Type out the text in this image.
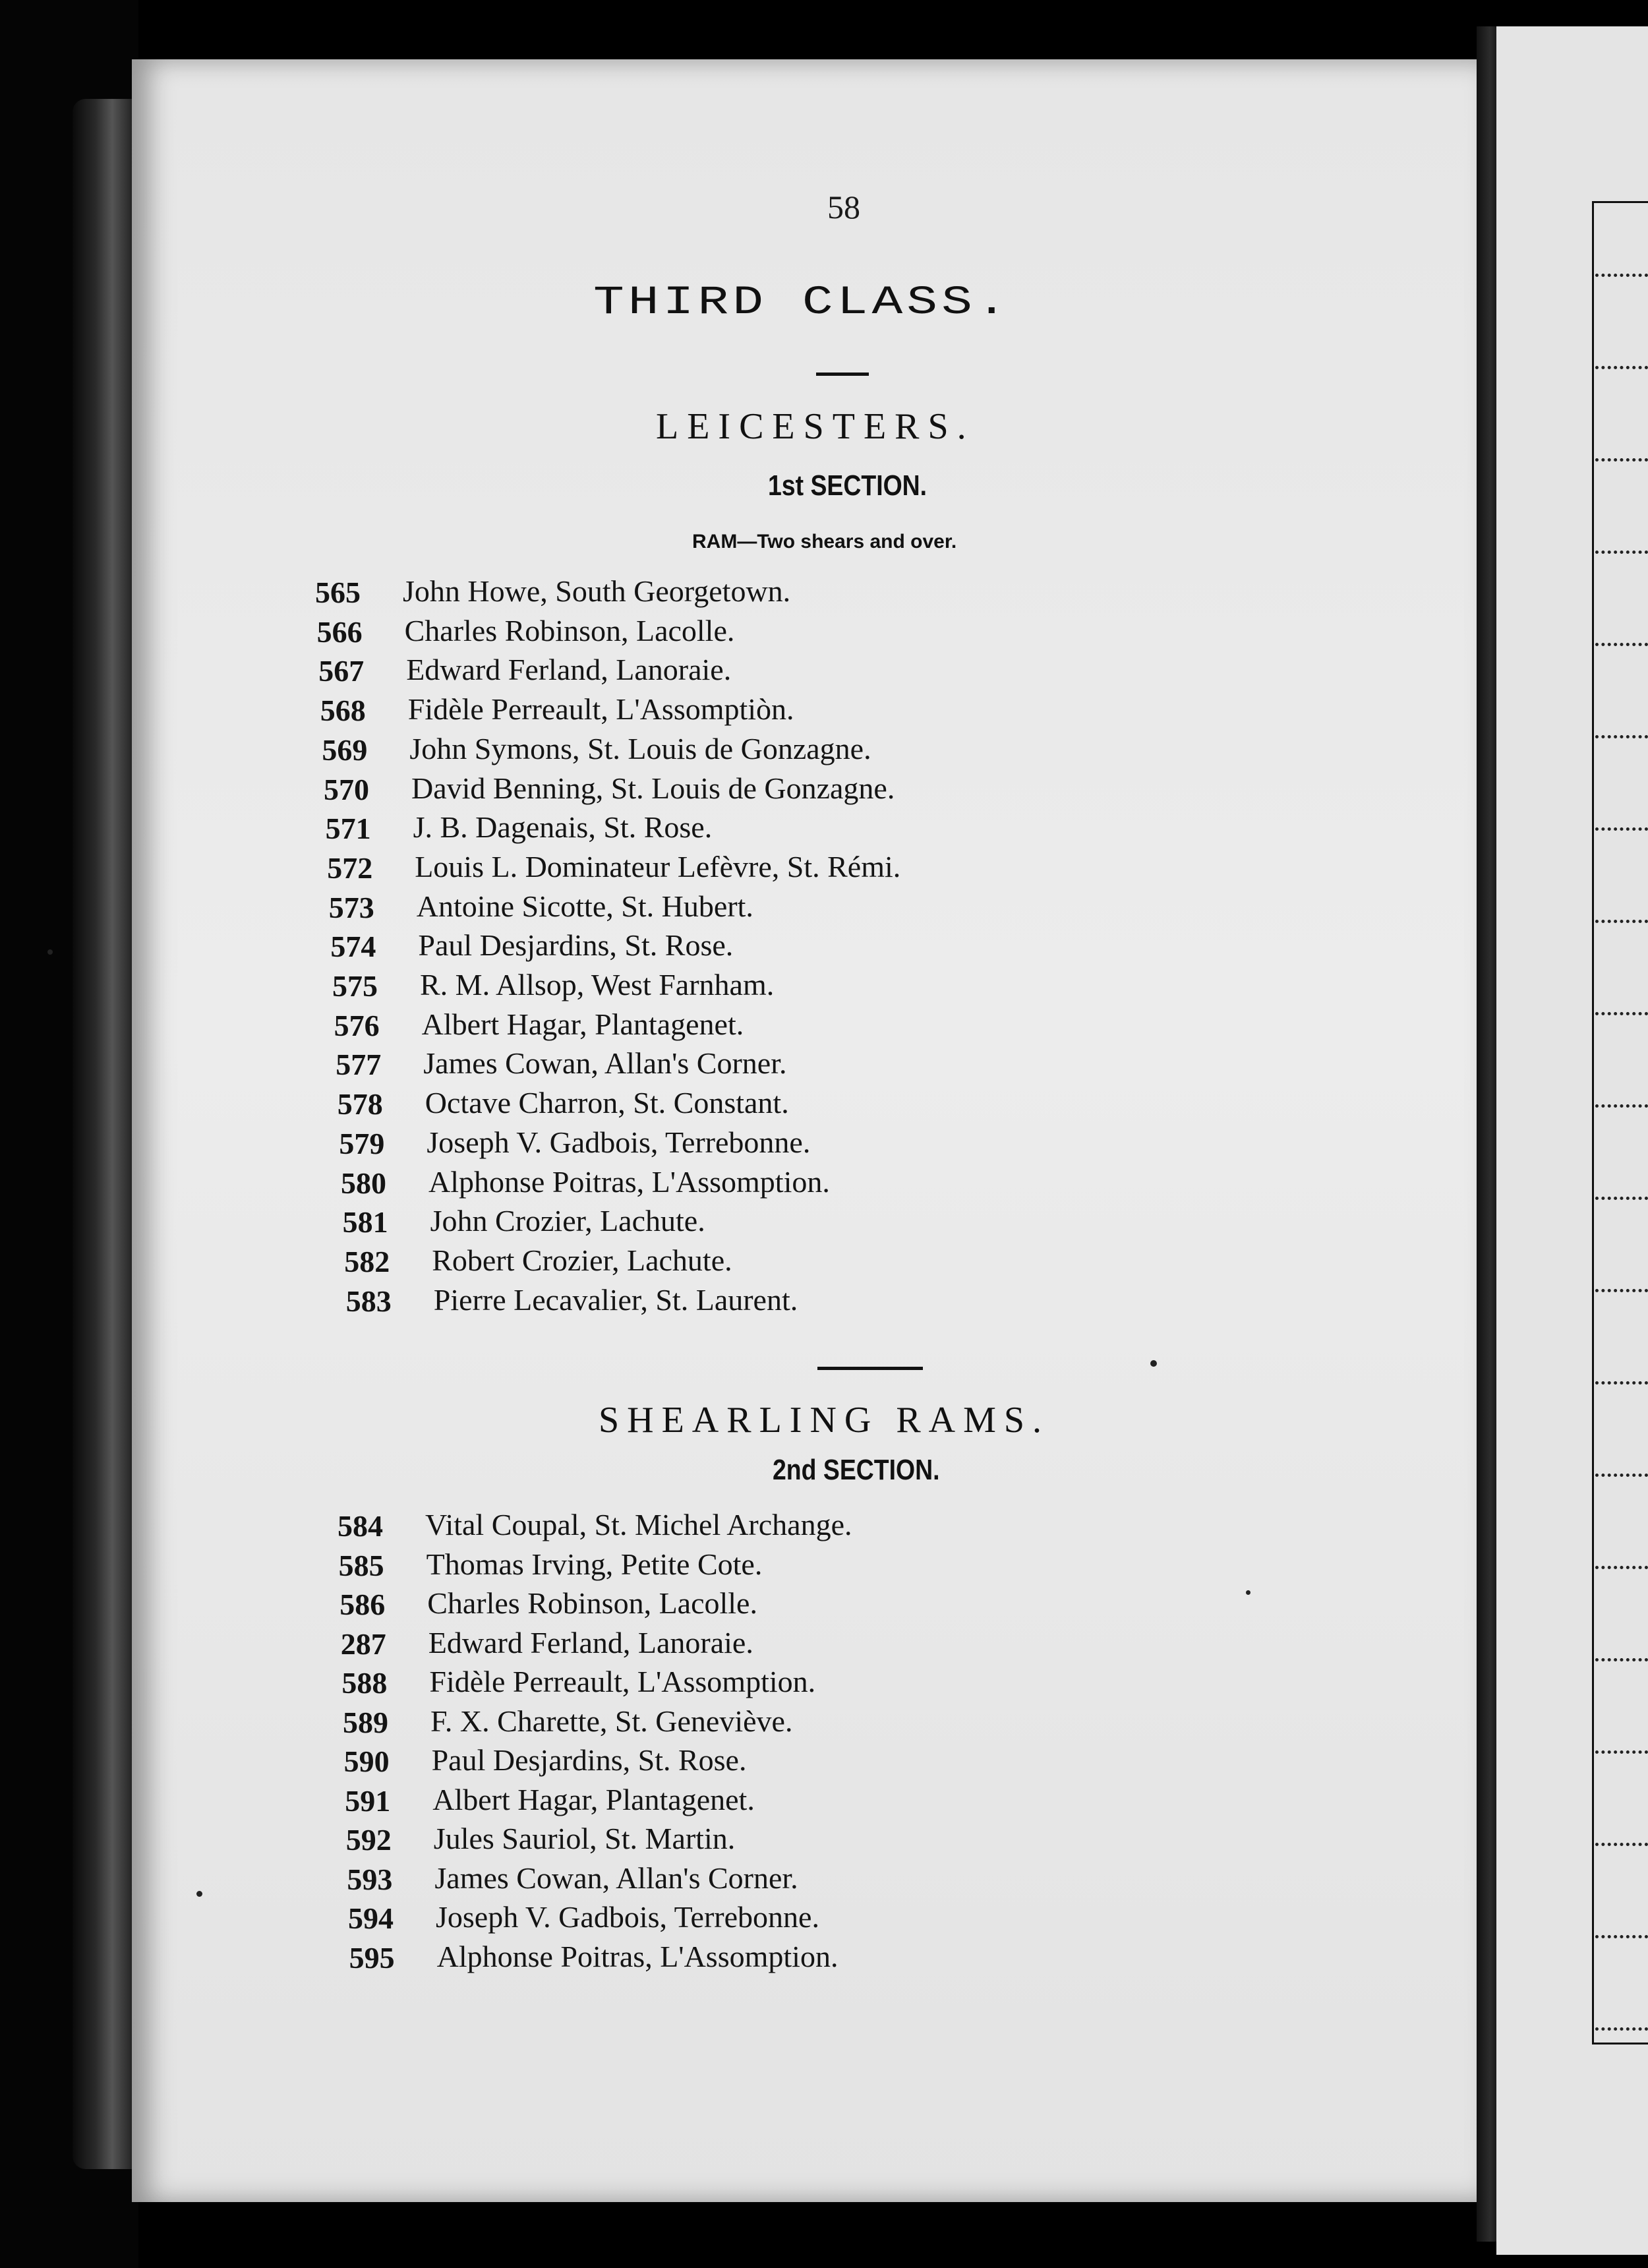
58
THIRD CLASS.
LEICESTERS.
1st SECTION.
RAM—Two shears and over.
565 John Howe, South Georgetown.
566 Charles Robinson, Lacolle.
567 Edward Ferland, Lanoraie.
568 Fidèle Perreault, L'Assomptiòn.
569 John Symons, St. Louis de Gonzagne.
570 David Benning, St. Louis de Gonzagne.
571 J. B. Dagenais, St. Rose.
572 Louis L. Dominateur Lefèvre, St. Rémi.
573 Antoine Sicotte, St. Hubert.
574 Paul Desjardins, St. Rose.
575 R. M. Allsop, West Farnham.
576 Albert Hagar, Plantagenet.
577 James Cowan, Allan's Corner.
578 Octave Charron, St. Constant.
579 Joseph V. Gadbois, Terrebonne.
580 Alphonse Poitras, L'Assomption.
581 John Crozier, Lachute.
582 Robert Crozier, Lachute.
583 Pierre Lecavalier, St. Laurent.
SHEARLING RAMS.
2nd SECTION.
584 Vital Coupal, St. Michel Archange.
585 Thomas Irving, Petite Cote.
586 Charles Robinson, Lacolle.
287 Edward Ferland, Lanoraie.
588 Fidèle Perreault, L'Assomption.
589 F. X. Charette, St. Geneviève.
590 Paul Desjardins, St. Rose.
591 Albert Hagar, Plantagenet.
592 Jules Sauriol, St. Martin.
593 James Cowan, Allan's Corner.
594 Joseph V. Gadbois, Terrebonne.
595 Alphonse Poitras, L'Assomption.
